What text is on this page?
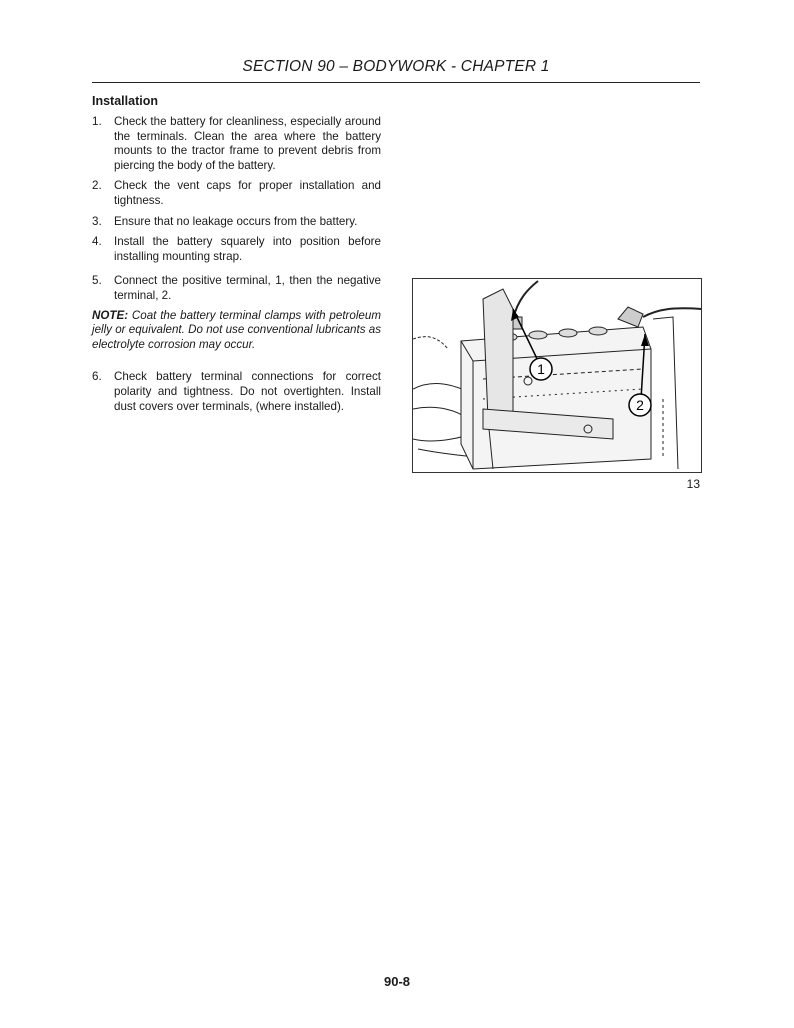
SECTION 90 – BODYWORK - CHAPTER 1
Installation
1.	Check the battery for cleanliness, especially around the terminals. Clean the area where the battery mounts to the tractor frame to prevent debris from piercing the body of the battery.
2.	Check the vent caps for proper installation and tightness.
3.	Ensure that no leakage occurs from the battery.
4.	Install the battery squarely into position before installing mounting strap.
5.	Connect the positive terminal, 1, then the negative terminal, 2.
NOTE: Coat the battery terminal clamps with petroleum jelly or equivalent. Do not use conventional lubricants as electrolyte corrosion may occur.
6.	Check battery terminal connections for correct polarity and tightness. Do not overtighten. Install dust covers over terminals, (where installed).
1
2
13
90-8
